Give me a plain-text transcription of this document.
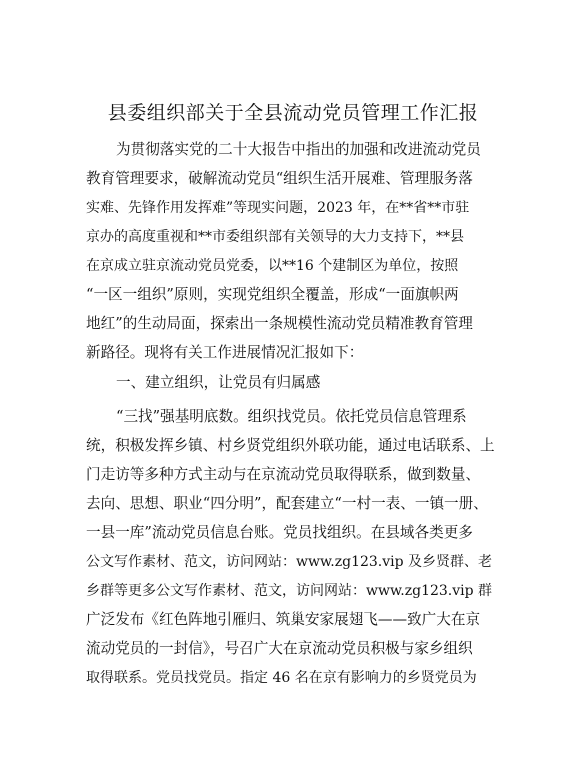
县委组织部关于全县流动党员管理工作汇报
为贯彻落实党的二十大报告中指出的加强和改进流动党员
教育管理要求，破解流动党员“组织生活开展难、管理服务落
实难、先锋作用发挥难”等现实问题，2023 年，在**省**市驻
京办的高度重视和**市委组织部有关领导的大力支持下，**县
在京成立驻京流动党员党委，以**16 个建制区为单位，按照
“一区一组织”原则，实现党组织全覆盖，形成“一面旗帜两
地红”的生动局面，探索出一条规模性流动党员精准教育管理
新路径。现将有关工作进展情况汇报如下：
一、建立组织，让党员有归属感
“三找”强基明底数。组织找党员。依托党员信息管理系
统，积极发挥乡镇、村乡贤党组织外联功能，通过电话联系、上
门走访等多种方式主动与在京流动党员取得联系，做到数量、
去向、思想、职业“四分明”，配套建立“一村一表、一镇一册、
一县一库”流动党员信息台账。党员找组织。在县域各类更多
公文写作素材、范文，访问网站：www.zg123.vip 及乡贤群、老
乡群等更多公文写作素材、范文，访问网站：www.zg123.vip 群
广泛发布《红色阵地引雁归、筑巢安家展翅飞——致广大在京
流动党员的一封信》，号召广大在京流动党员积极与家乡组织
取得联系。党员找党员。指定 46 名在京有影响力的乡贤党员为
